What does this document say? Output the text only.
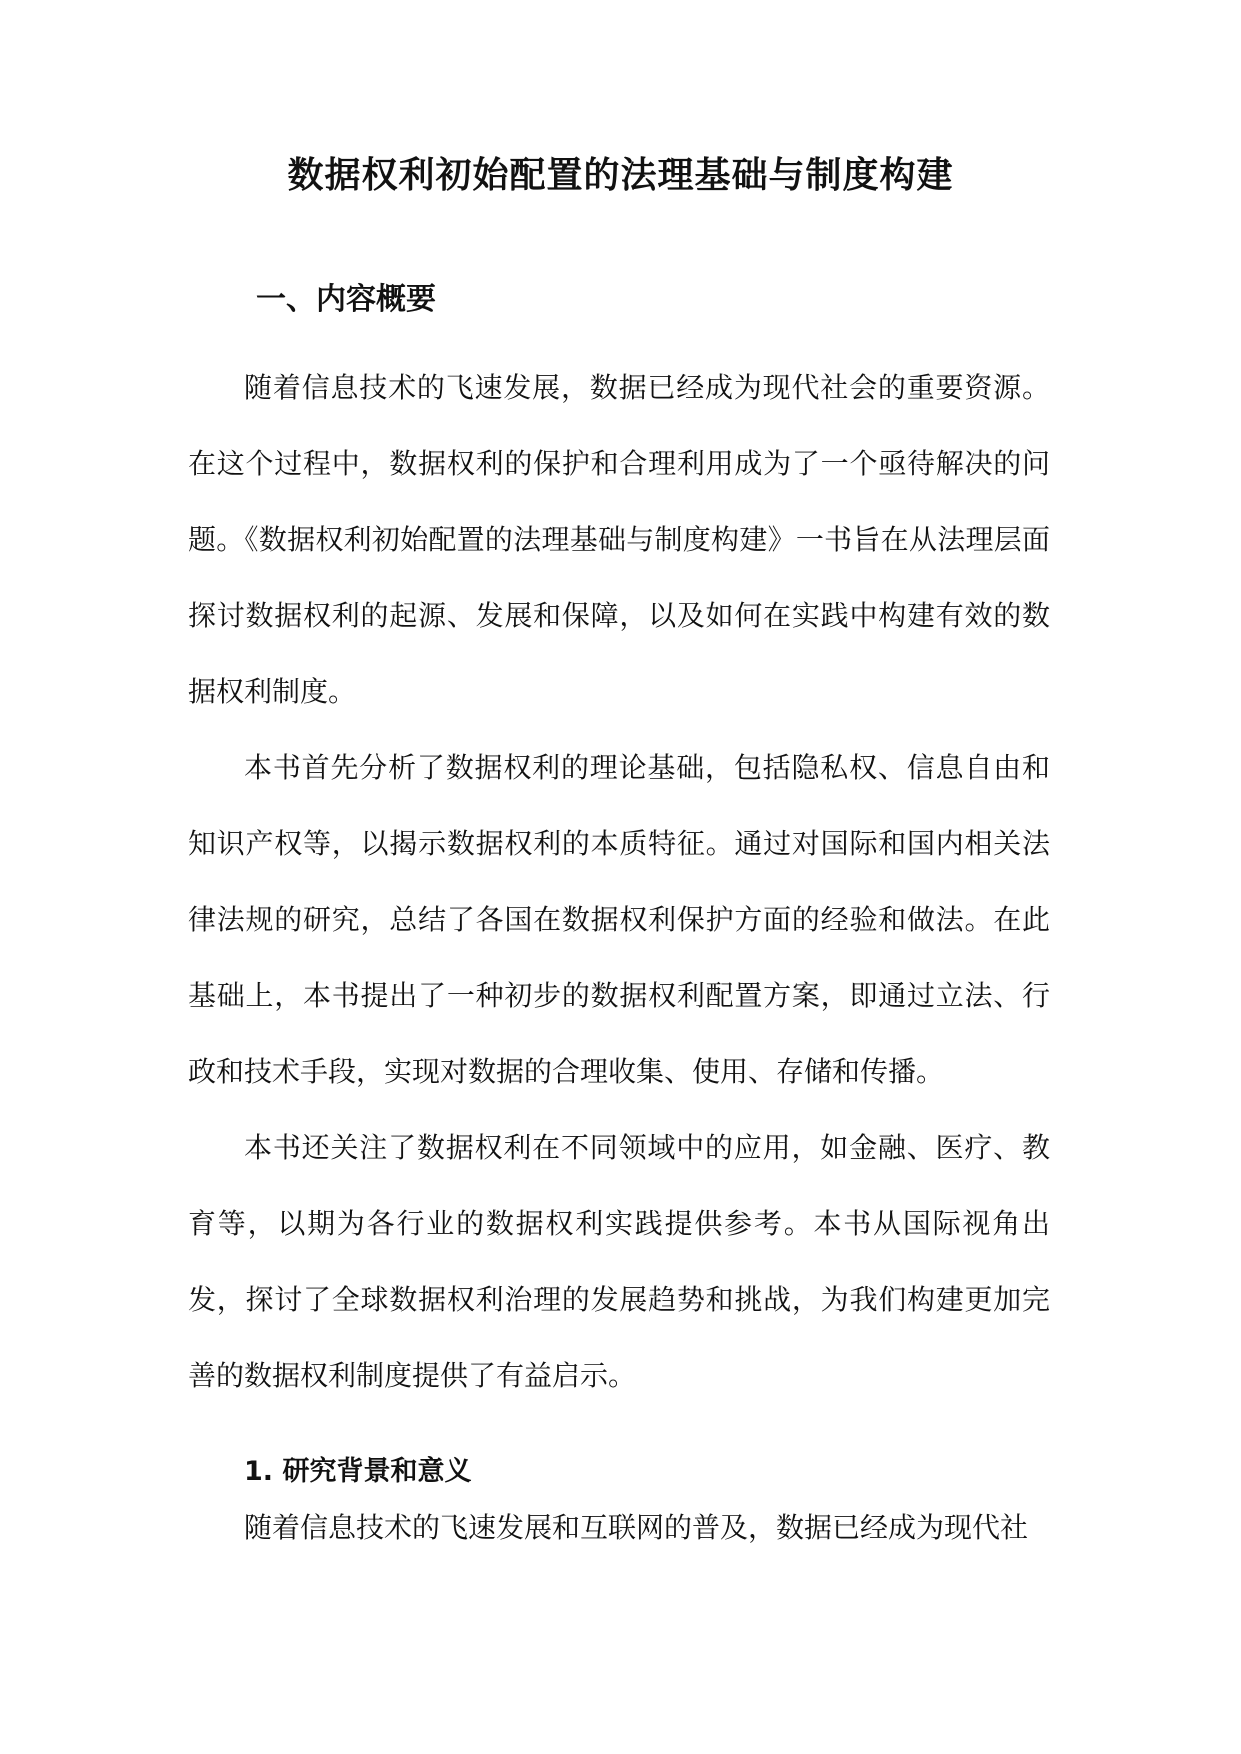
数据权利初始配置的法理基础与制度构建
一、内容概要

随着信息技术的飞速发展，数据已经成为现代社会的重要资源。在这个过程中，数据权利的保护和合理利用成为了一个亟待解决的问题。《数据权利初始配置的法理基础与制度构建》一书旨在从法理层面探讨数据权利的起源、发展和保障，以及如何在实践中构建有效的数据权利制度。

本书首先分析了数据权利的理论基础，包括隐私权、信息自由和知识产权等，以揭示数据权利的本质特征。通过对国际和国内相关法律法规的研究，总结了各国在数据权利保护方面的经验和做法。在此基础上，本书提出了一种初步的数据权利配置方案，即通过立法、行政和技术手段，实现对数据的合理收集、使用、存储和传播。

本书还关注了数据权利在不同领域中的应用，如金融、医疗、教育等，以期为各行业的数据权利实践提供参考。本书从国际视角出发，探讨了全球数据权利治理的发展趋势和挑战，为我们构建更加完善的数据权利制度提供了有益启示。

1. 研究背景和意义

随着信息技术的飞速发展和互联网的普及，数据已经成为现代社
